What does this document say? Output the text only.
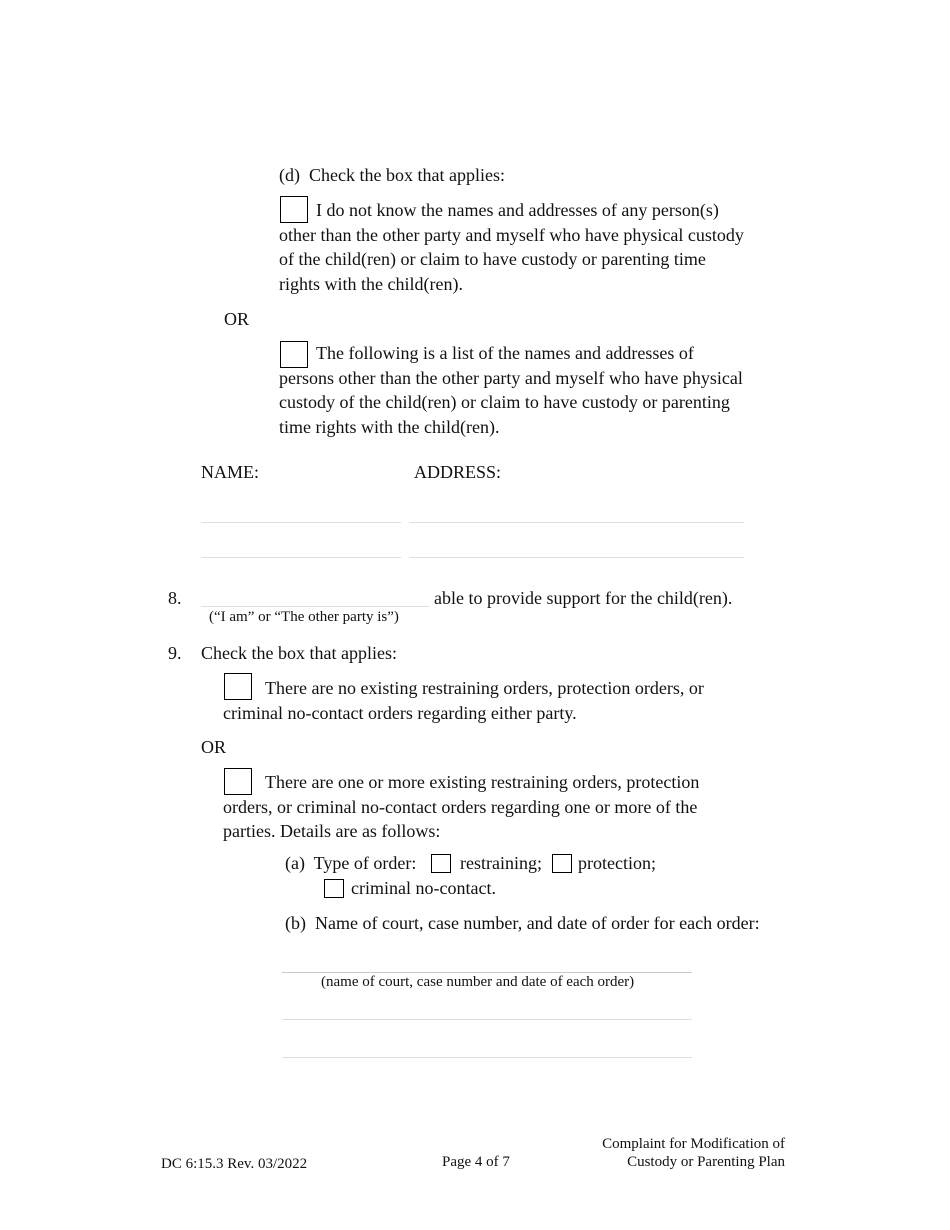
(d) Check the box that applies:

I do not know the names and addresses of any person(s) other than the other party and myself who have physical custody of the child(ren) or claim to have custody or parenting time rights with the child(ren).

OR

The following is a list of the names and addresses of persons other than the other party and myself who have physical custody of the child(ren) or claim to have custody or parenting time rights with the child(ren).

NAME:	ADDRESS:
8.	able to provide support for the child(ren).
(“I am” or “The other party is”)
9. Check the box that applies:

There are no existing restraining orders, protection orders, or criminal no-contact orders regarding either party.

OR

There are one or more existing restraining orders, protection orders, or criminal no-contact orders regarding one or more of the parties. Details are as follows:

(a) Type of order: restraining; protection;
criminal no-contact.
(b) Name of court, case number, and date of order for each order:
(name of court, case number and date of each order)
DC 6:15.3 Rev. 03/2022	Page 4 of 7
Complaint for Modification of
Custody or Parenting Plan
